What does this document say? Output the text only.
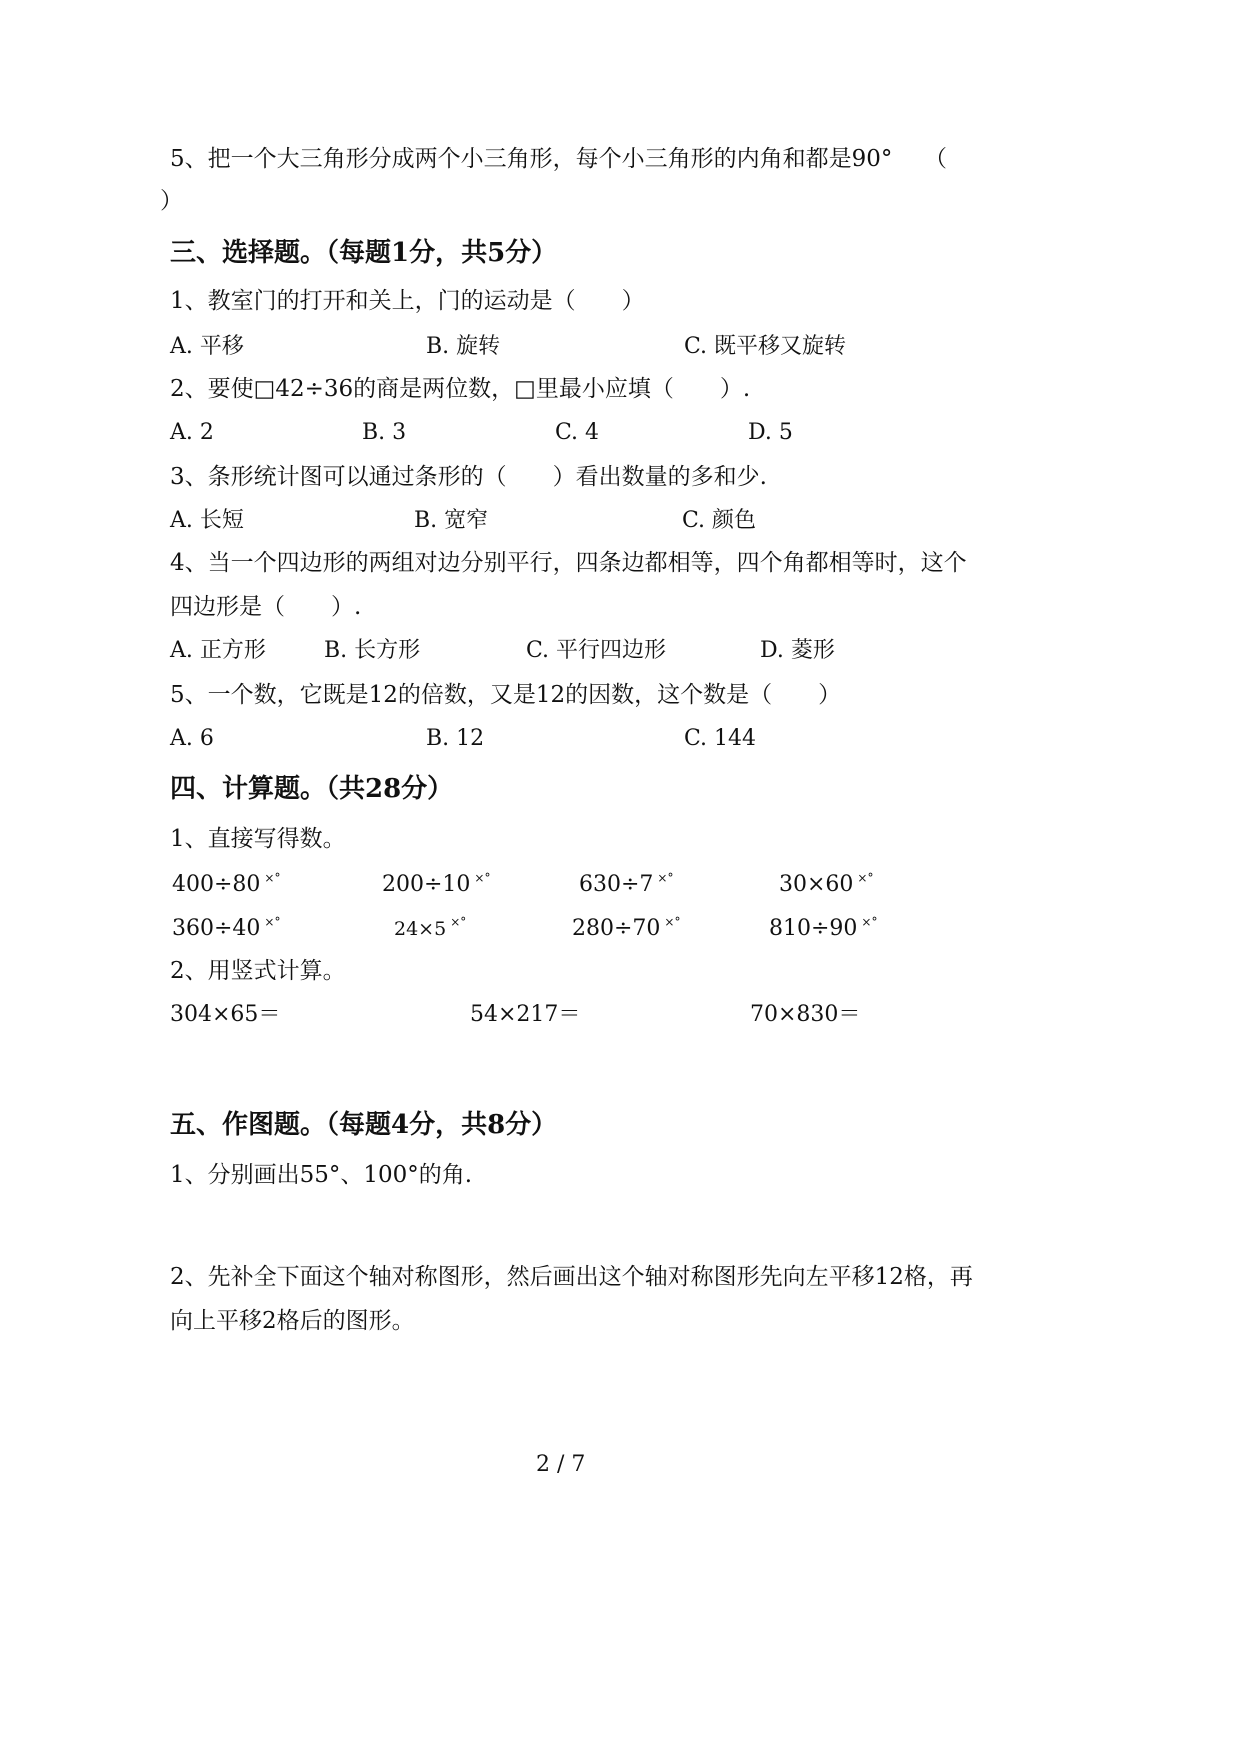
5、把一个大三角形分成两个小三角形，每个小三角形的内角和都是90° （
）
三、选择题。（每题1分，共5分）
1、教室门的打开和关上，门的运动是（　　）
A. 平移	B. 旋转	C. 既平移又旋转
2、要使□42÷36的商是两位数，□里最小应填（　　）.
A. 2	B. 3	C. 4	D. 5
3、条形统计图可以通过条形的（　　）看出数量的多和少.
A. 长短	B. 宽窄	C. 颜色
4、当一个四边形的两组对边分别平行，四条边都相等，四个角都相等时，这个
四边形是（　　）.
A. 正方形	B. 长方形	C. 平行四边形	D. 菱形
5、一个数，它既是12的倍数，又是12的因数，这个数是（　　）
A. 6	B. 12	C. 144
四、计算题。（共28分）
1、直接写得数。
400÷80 ×°	200÷10 ×°	630÷7 ×°	30×60 ×°
360÷40 ×°	24×5 ×°	280÷70 ×°	810÷90 ×°
2、用竖式计算。
304×65＝	54×217＝	70×830＝
五、作图题。（每题4分，共8分）
1、分别画出55°、100°的角.
2、先补全下面这个轴对称图形，然后画出这个轴对称图形先向左平移12格，再
向上平移2格后的图形。
2 / 7
